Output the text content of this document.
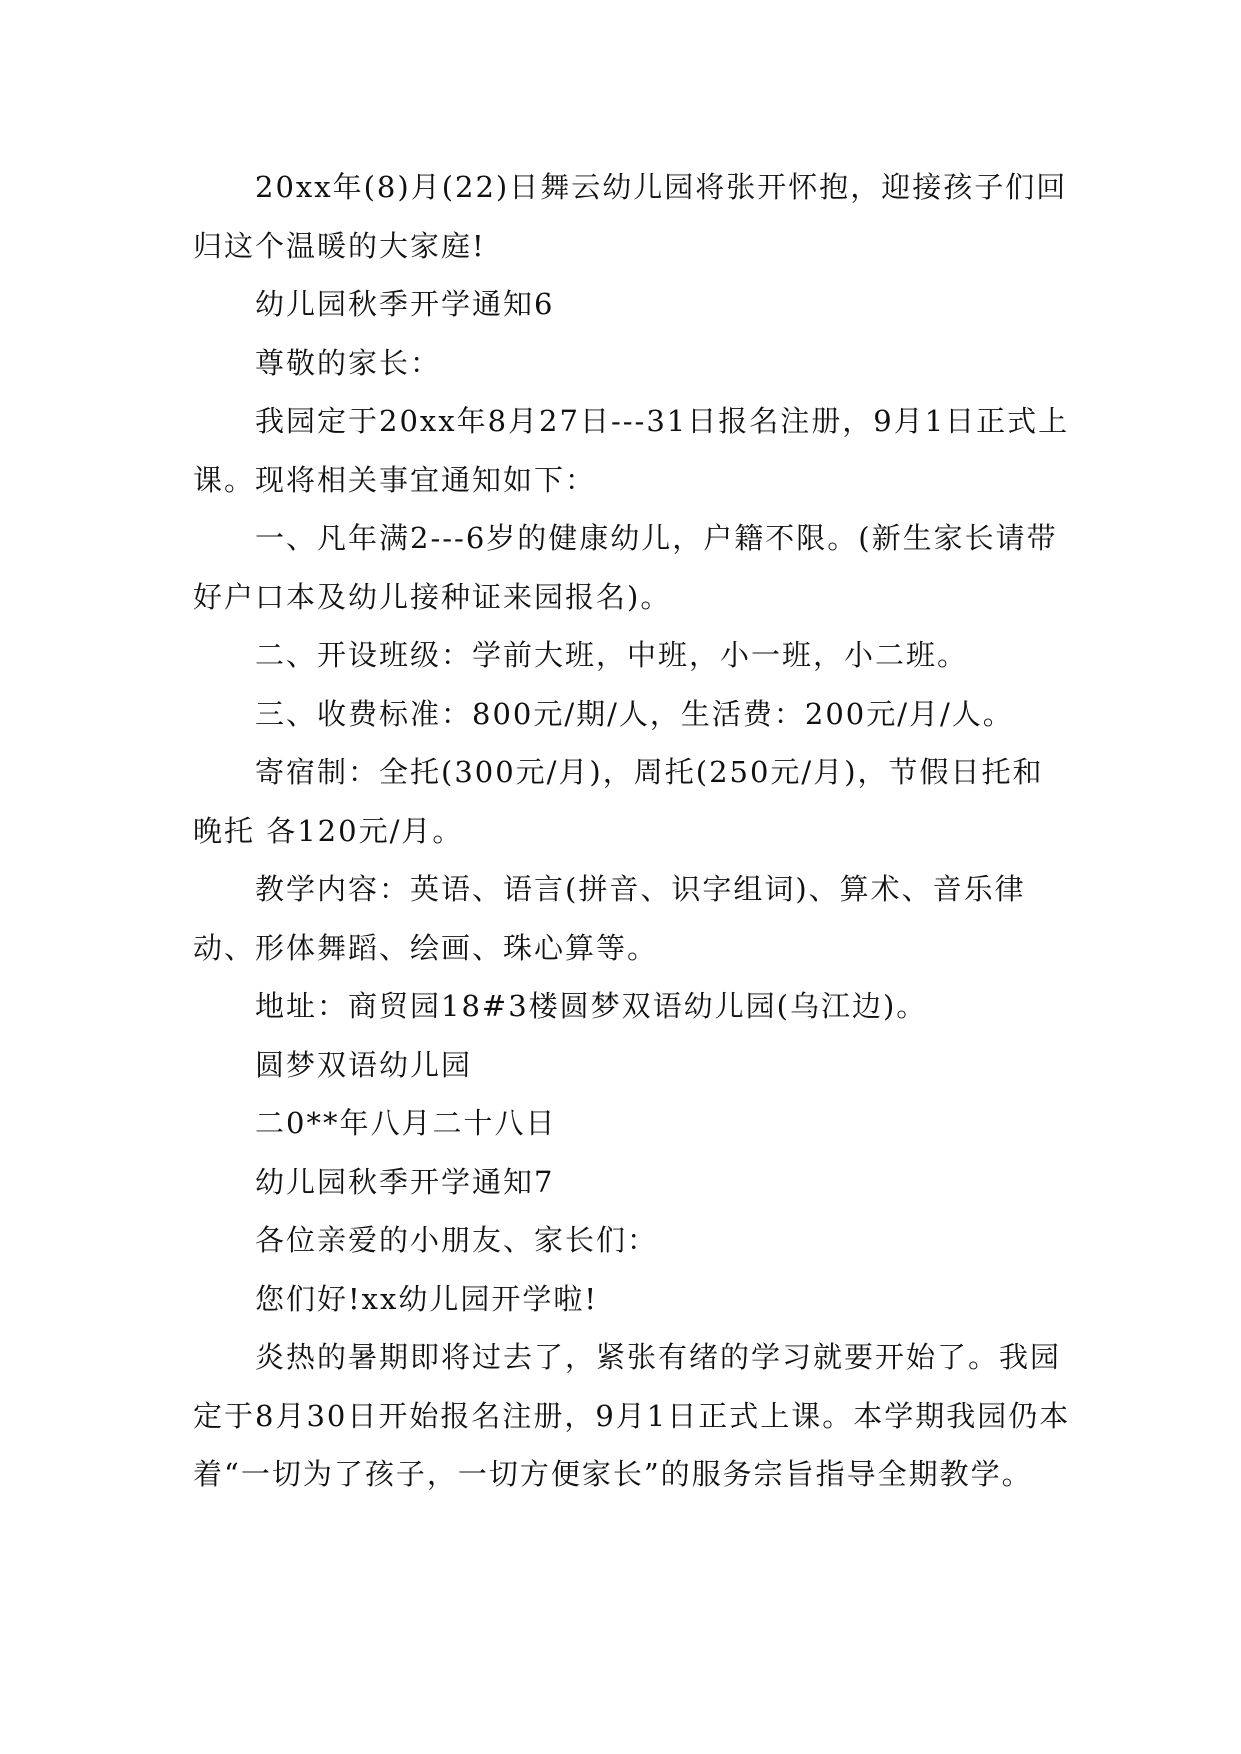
20xx年(8)月(22)日舞云幼儿园将张开怀抱，迎接孩子们回归这个温暖的大家庭!

幼儿园秋季开学通知6

尊敬的家长：

我园定于20xx年8月27日---31日报名注册，9月1日正式上课。现将相关事宜通知如下：

一、凡年满2---6岁的健康幼儿，户籍不限。(新生家长请带好户口本及幼儿接种证来园报名)。

二、开设班级：学前大班，中班，小一班，小二班。

三、收费标准：800元/期/人，生活费：200元/月/人。

寄宿制：全托(300元/月)，周托(250元/月)，节假日托和晚托 各120元/月。

教学内容：英语、语言(拼音、识字组词)、算术、音乐律动、形体舞蹈、绘画、珠心算等。

地址：商贸园18#3楼圆梦双语幼儿园(乌江边)。

圆梦双语幼儿园

二0**年八月二十八日

幼儿园秋季开学通知7

各位亲爱的小朋友、家长们：

您们好!xx幼儿园开学啦!

炎热的暑期即将过去了，紧张有绪的学习就要开始了。我园定于8月30日开始报名注册，9月1日正式上课。本学期我园仍本着“一切为了孩子，一切方便家长”的服务宗旨指导全期教学。
